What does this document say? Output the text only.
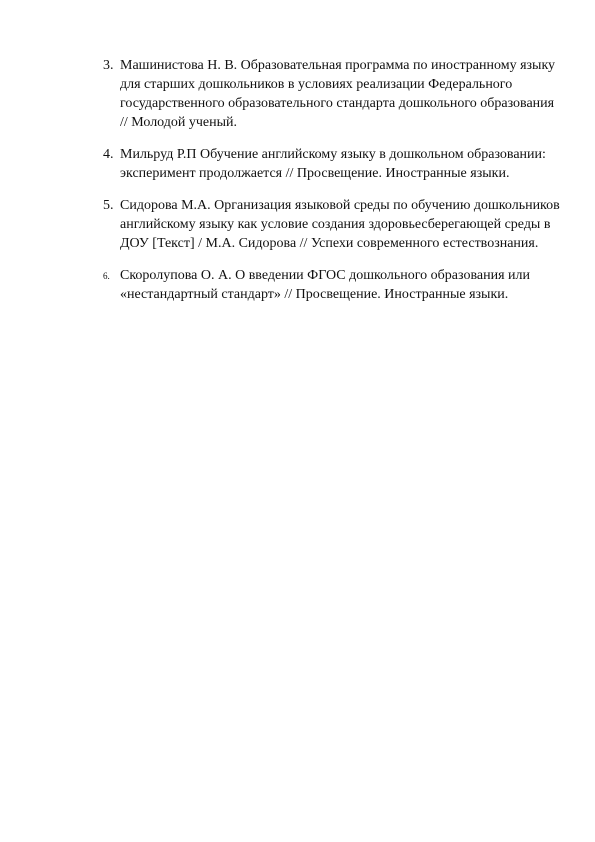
3. Машинистова Н. В. Образовательная программа по иностранному языку для старших дошкольников в условиях реализации Федерального государственного образовательного стандарта дошкольного образования // Молодой ученый.
4. Мильруд Р.П Обучение английскому языку в дошкольном образовании: эксперимент продолжается // Просвещение. Иностранные языки.
5. Сидорова М.А. Организация языковой среды по обучению дошкольников английскому языку как условие создания здоровьесберегающей среды в ДОУ [Текст] / М.А. Сидорова // Успехи современного естествознания.
6. Скоролупова О. А. О введении ФГОС дошкольного образования или «нестандартный стандарт» // Просвещение. Иностранные языки.
